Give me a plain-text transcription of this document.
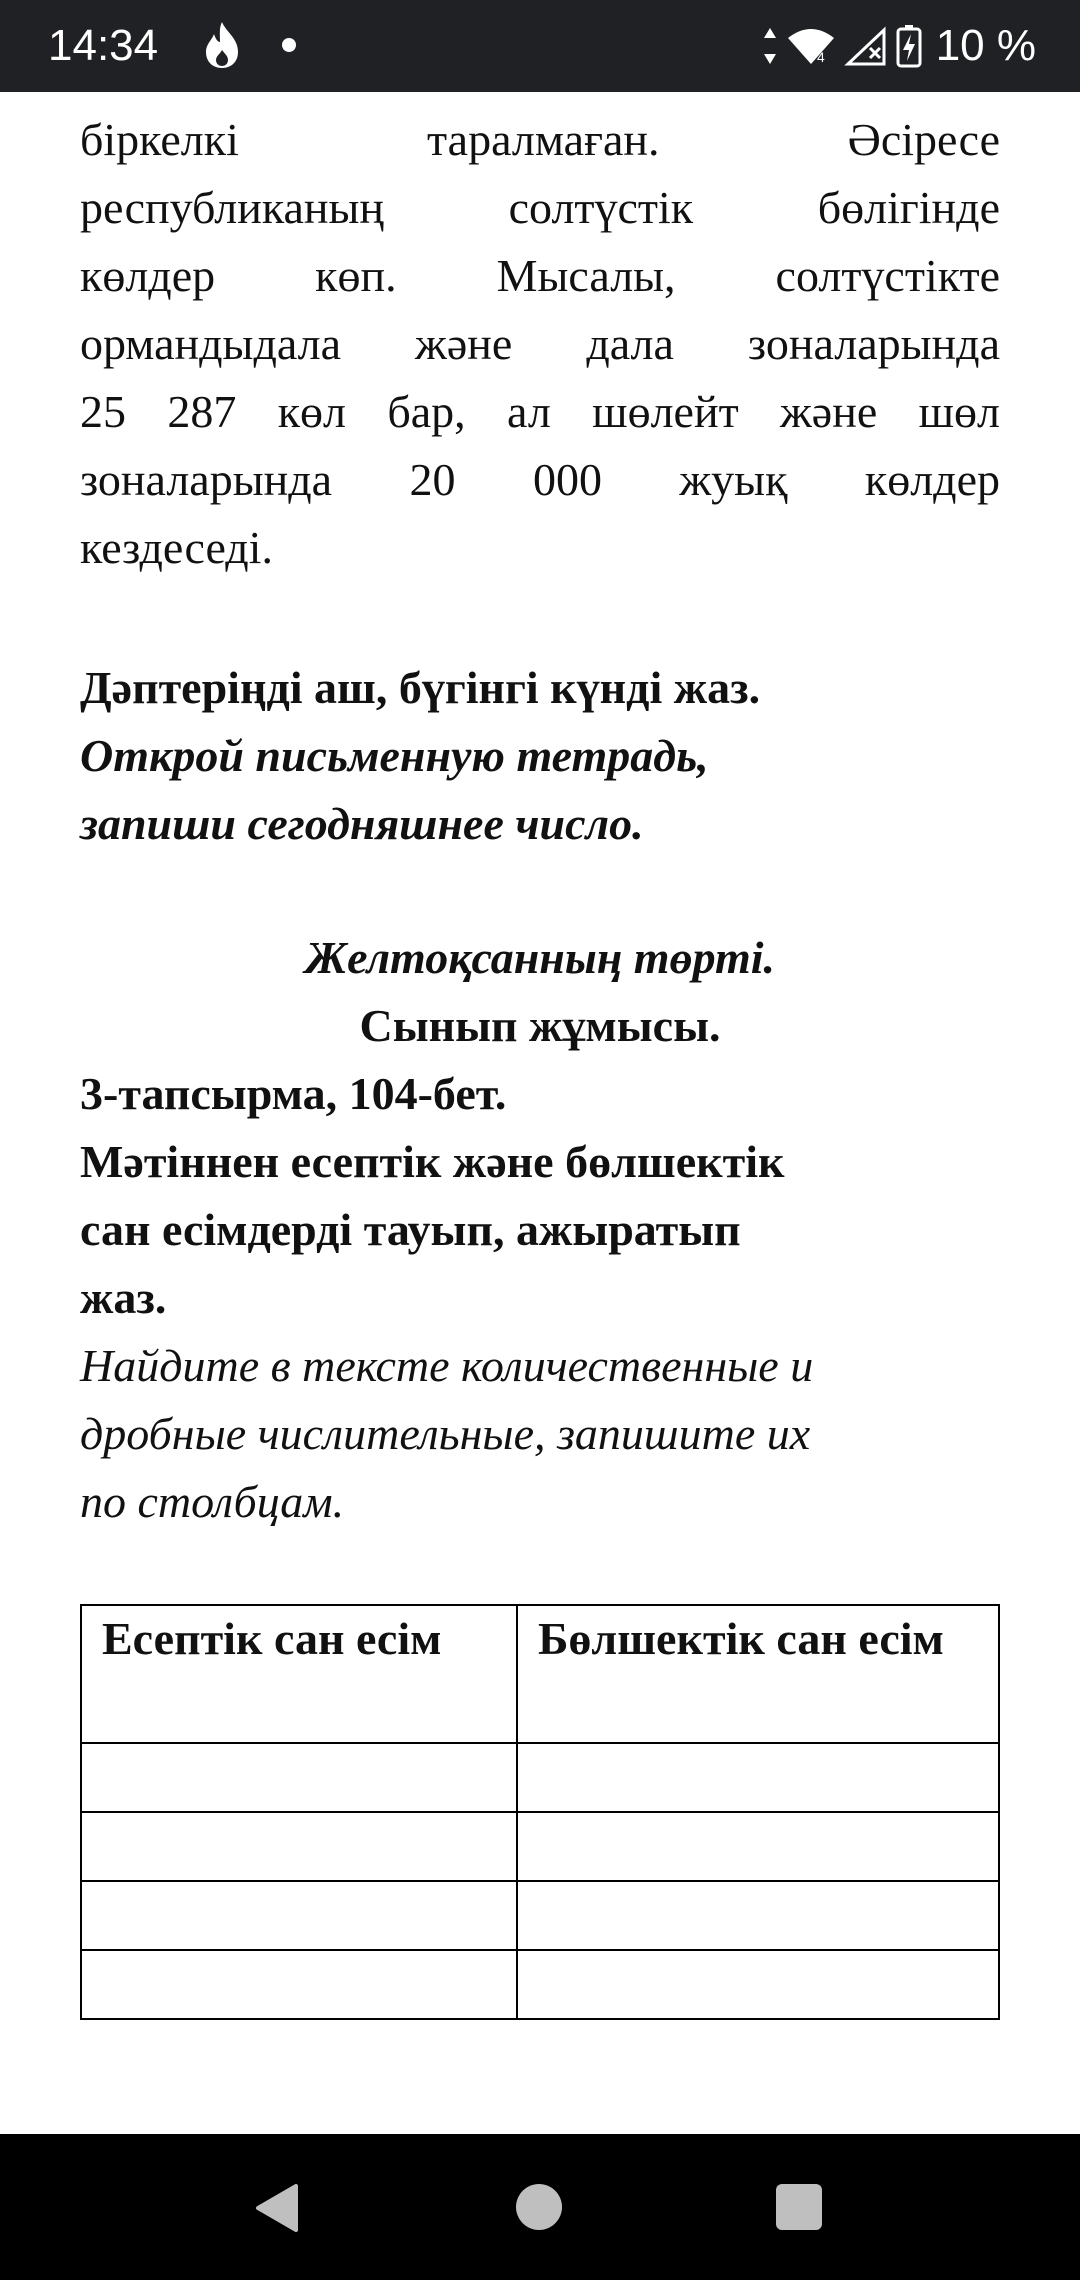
14:34	4	10 %
біркелкі таралмаған. Әсіресе
республиканың солтүстік бөлігінде
көлдер көп. Мысалы, солтүстікте
ормандыдала және дала зоналарында
25 287 көл бар, ал шөлейт және шөл
зоналарында 20 000 жуық көлдер
кездеседі.
Дәптеріңді аш, бүгінгі күнді жаз.
Открой письменную тетрадь,
запиши сегодняшнее число.
Желтоқсанның төрті.
Сынып жұмысы.
3-тапсырма, 104-бет.
Мәтіннен есептік және бөлшектік
сан есімдерді тауып, ажыратып
жаз.
Найдите в тексте количественные и
дробные числительные, запишите их
по столбцам.
Есептік сан есім	Бөлшектік сан есім
